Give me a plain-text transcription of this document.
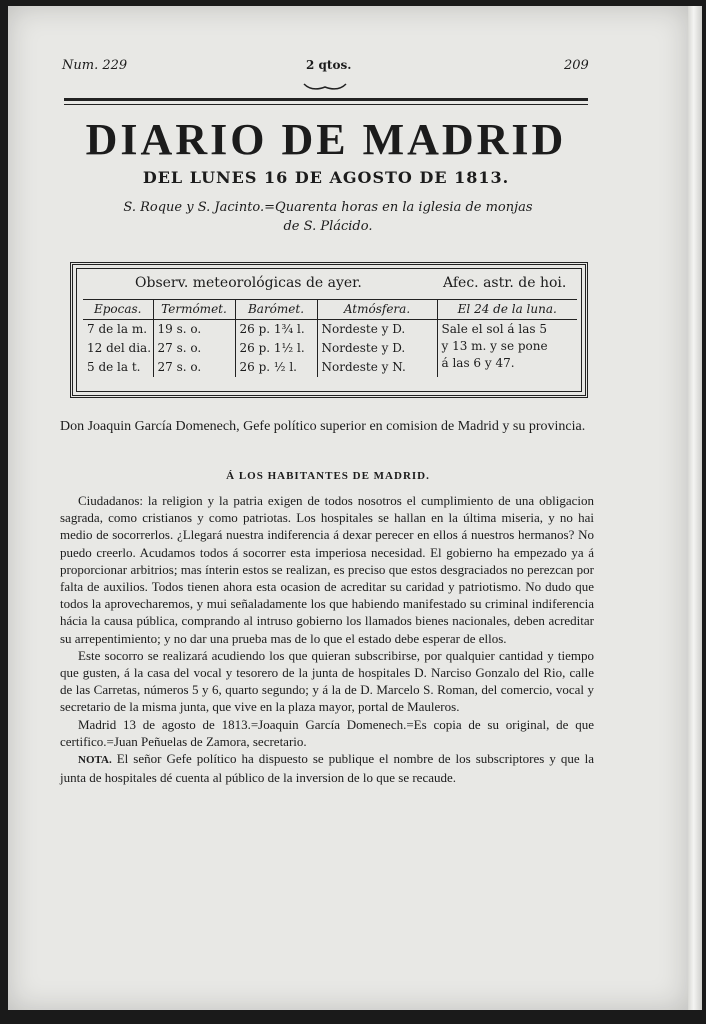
Num. 229	2 qtos.	209
DIARIO DE MADRID
DEL LUNES 16 DE AGOSTO DE 1813.
S. Roque y S. Jacinto.=Quarenta horas en la iglesia de monjas
de S. Plácido.
Observ. meteorológicas de ayer.	Afec. astr. de hoi.
Epocas.	Termómet.	Barómet.	Atmósfera.	El 24 de la luna.
7 de la m.	19 s. o.	26 p. 1¾ l.	Nordeste y D.	Sale el sol á las 5
y 13 m. y se pone
á las 6 y 47.

12 del dia.	27 s. o.	26 p. 1½ l.	Nordeste y D.	
5 de la t.	27 s. o.	26 p. ½ l.	Nordeste y N.	

Don Joaquin García Domenech, Gefe político superior en comision de Madrid y su provincia.

Á LOS HABITANTES DE MADRID.

Ciudadanos: la religion y la patria exigen de todos nosotros el cumplimiento de una obligacion sagrada, como cristianos y como patriotas. Los hospitales se hallan en la última miseria, y no hai medio de socorrerlos. ¿Llegará nuestra indiferencia á dexar perecer en ellos á nuestros hermanos? No puedo creerlo. Acudamos todos á socorrer esta imperiosa necesidad. El gobierno ha empezado ya á proporcionar arbitrios; mas ínterin estos se realizan, es preciso que estos desgraciados no perezcan por falta de auxilios. Todos tienen ahora esta ocasion de acreditar su caridad y patriotismo. No dudo que todos la aprovecharemos, y mui señaladamente los que habiendo manifestado su criminal indiferencia hácia la causa pública, comprando al intruso gobierno los llamados bienes nacionales, deben acreditar su arrepentimiento; y no dar una prueba mas de lo que el estado debe esperar de ellos.

Este socorro se realizará acudiendo los que quieran subscribirse, por qualquier cantidad y tiempo que gusten, á la casa del vocal y tesorero de la junta de hospitales D. Narciso Gonzalo del Rio, calle de las Carretas, números 5 y 6, quarto segundo; y á la de D. Marcelo S. Roman, del comercio, vocal y secretario de la misma junta, que vive en la plaza mayor, portal de Mauleros.

Madrid 13 de agosto de 1813.=Joaquin García Domenech.=Es copia de su original, de que certifico.=Juan Peñuelas de Zamora, secretario.

NOTA. El señor Gefe político ha dispuesto se publique el nombre de los subscriptores y que la junta de hospitales dé cuenta al público de la inversion de lo que se recaude.
